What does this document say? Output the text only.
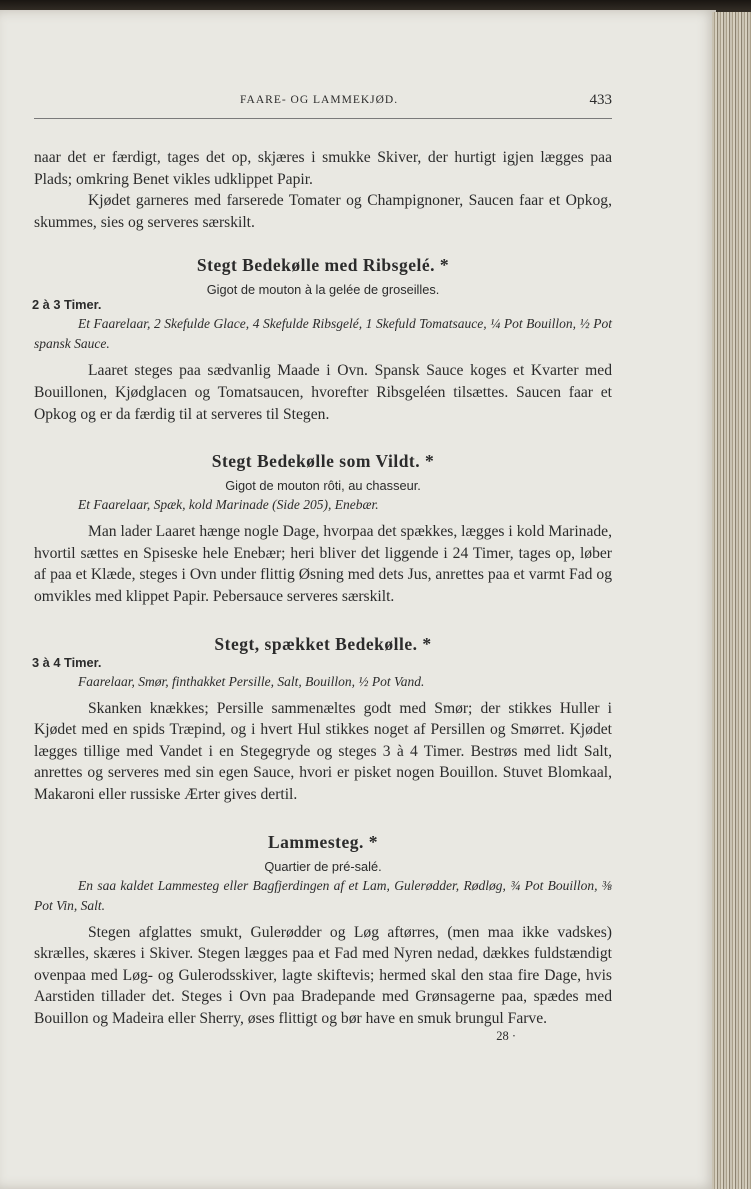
FAARE- OG LAMMEKJØD.	433

naar det er færdigt, tages det op, skjæres i smukke Skiver, der hurtigt igjen lægges paa Plads; omkring Benet vikles udklippet Papir.

Kjødet garneres med farserede Tomater og Champignoner, Saucen faar et Opkog, skummes, sies og serveres særskilt.

Stegt Bedekølle med Ribsgelé. *
Gigot de mouton à la gelée de groseilles.
2 à 3 Timer.
Et Faarelaar, 2 Skefulde Glace, 4 Skefulde Ribsgelé, 1 Skefuld Tomatsauce, ¼ Pot Bouillon, ½ Pot spansk Sauce.

Laaret steges paa sædvanlig Maade i Ovn. Spansk Sauce koges et Kvarter med Bouillonen, Kjødglacen og Tomatsaucen, hvorefter Ribsgeléen tilsættes. Saucen faar et Opkog og er da færdig til at serveres til Stegen.

Stegt Bedekølle som Vildt. *
Gigot de mouton rôti, au chasseur.
Et Faarelaar, Spæk, kold Marinade (Side 205), Enebær.

Man lader Laaret hænge nogle Dage, hvorpaa det spækkes, lægges i kold Marinade, hvortil sættes en Spiseske hele Enebær; heri bliver det liggende i 24 Timer, tages op, løber af paa et Klæde, steges i Ovn under flittig Øsning med dets Jus, anrettes paa et varmt Fad og omvikles med klippet Papir. Pebersauce serveres særskilt.

Stegt, spækket Bedekølle. *
3 à 4 Timer.
Faarelaar, Smør, finthakket Persille, Salt, Bouillon, ½ Pot Vand.

Skanken knækkes; Persille sammenæltes godt med Smør; der stikkes Huller i Kjødet med en spids Træpind, og i hvert Hul stikkes noget af Persillen og Smørret. Kjødet lægges tillige med Vandet i en Stegegryde og steges 3 à 4 Timer. Bestrøs med lidt Salt, anrettes og serveres med sin egen Sauce, hvori er pisket nogen Bouillon. Stuvet Blomkaal, Makaroni eller russiske Ærter gives dertil.

Lammesteg. *
Quartier de pré-salé.
En saa kaldet Lammesteg eller Bagfjerdingen af et Lam, Gulerødder, Rødløg, ¾ Pot Bouillon, ⅜ Pot Vin, Salt.

Stegen afglattes smukt, Gulerødder og Løg aftørres, (men maa ikke vadskes) skrælles, skæres i Skiver. Stegen lægges paa et Fad med Nyren nedad, dækkes fuldstændigt ovenpaa med Løg- og Gulerodsskiver, lagte skiftevis; hermed skal den staa fire Dage, hvis Aarstiden tillader det. Steges i Ovn paa Bradepande med Grønsagerne paa, spædes med Bouillon og Madeira eller Sherry, øses flittigt og bør have en smuk brungul Farve.

28 ·
